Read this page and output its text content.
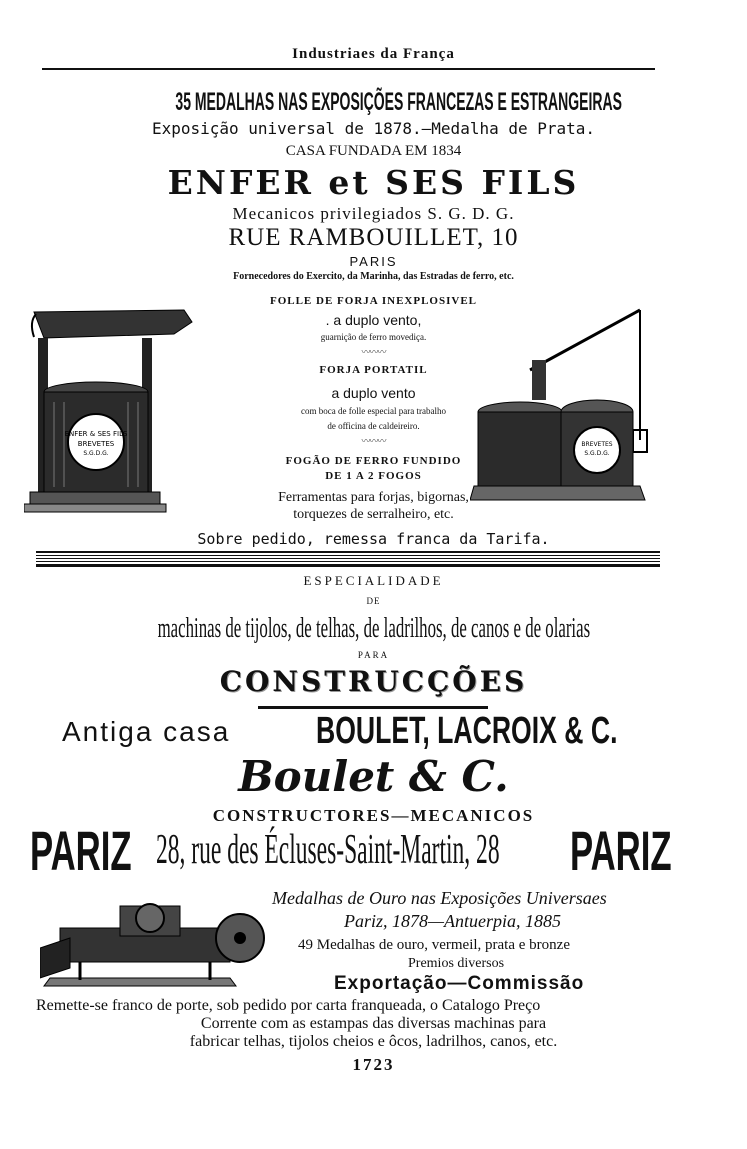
Industriaes da França
35 MEDALHAS NAS EXPOSIÇÕES FRANCEZAS E ESTRANGEIRAS
Exposição universal de 1878.—Medalha de Prata.
CASA FUNDADA EM 1834
ENFER et SES FILS
Mecanicos privilegiados S. G. D. G.
RUE RAMBOUILLET, 10
PARIS
Fornecedores do Exercito, da Marinha, das Estradas de ferro, etc.
ENFER & SES FILS
BREVETES
S.G.D.G.
FOLLE DE FORJA INEXPLOSIVEL
. a duplo vento,
guarnição de ferro movediça.
〰〰〰
FORJA PORTATIL
a duplo vento
com boca de folle especial para trabalho
de officina de caldeireiro.
〰〰〰
FOGÃO DE FERRO FUNDIDO
DE 1 A 2 FOGOS
Ferramentas para forjas, bigornas,
torquezes de serralheiro, etc.
BREVETES
S.G.D.G.
Sobre pedido, remessa franca da Tarifa.
ESPECIALIDADE
DE
machinas de tijolos, de telhas, de ladrilhos, de canos e de olarias
PARA
CONSTRUCÇÕES
Antiga casa BOULET, LACROIX & C.
Boulet & C.
CONSTRUCTORES—MECANICOS
PARIZ 28, rue des Écluses-Saint-Martin, 28	PARIZ
Medalhas de Ouro nas Exposições Universaes
Pariz, 1878—Antuerpia, 1885
49 Medalhas de ouro, vermeil, prata e bronze
Premios diversos
Exportação—Commissão
Remette-se franco de porte, sob pedido por carta franqueada, o Catalogo Preço
Corrente com as estampas das diversas machinas para
fabricar telhas, tijolos cheios e ôcos, ladrilhos, canos, etc.
1723
